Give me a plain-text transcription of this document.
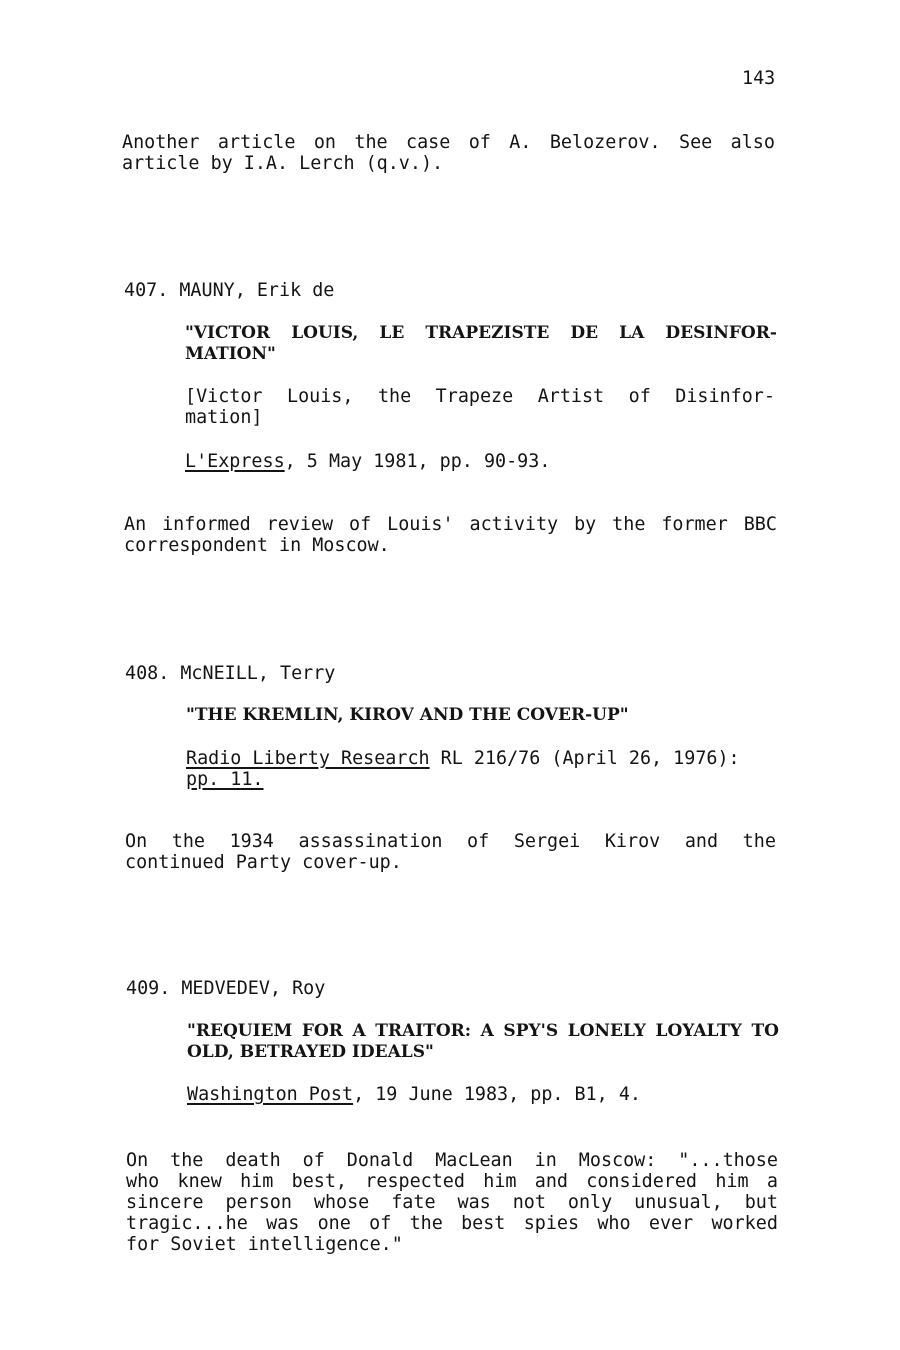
143
Another article on the case of A. Belozerov. See also
article by I.A. Lerch (q.v.).
407. MAUNY, Erik de
"VICTOR LOUIS, LE TRAPEZISTE DE LA DESINFOR-
MATION"
[Victor Louis, the Trapeze Artist of Disinfor-
mation]
L'Express, 5 May 1981, pp. 90-93.
An informed review of Louis' activity by the former BBC
correspondent in Moscow.
408. McNEILL, Terry
"THE KREMLIN, KIROV AND THE COVER-UP"
Radio Liberty Research RL 216/76 (April 26, 1976):
pp. 11.
On the 1934 assassination of Sergei Kirov and the
continued Party cover-up.
409. MEDVEDEV, Roy
"REQUIEM FOR A TRAITOR: A SPY'S LONELY LOYALTY TO
OLD, BETRAYED IDEALS"
Washington Post, 19 June 1983, pp. B1, 4.
On the death of Donald MacLean in Moscow: "...those
who knew him best, respected him and considered him a
sincere person whose fate was not only unusual, but
tragic...he was one of the best spies who ever worked
for Soviet intelligence."
